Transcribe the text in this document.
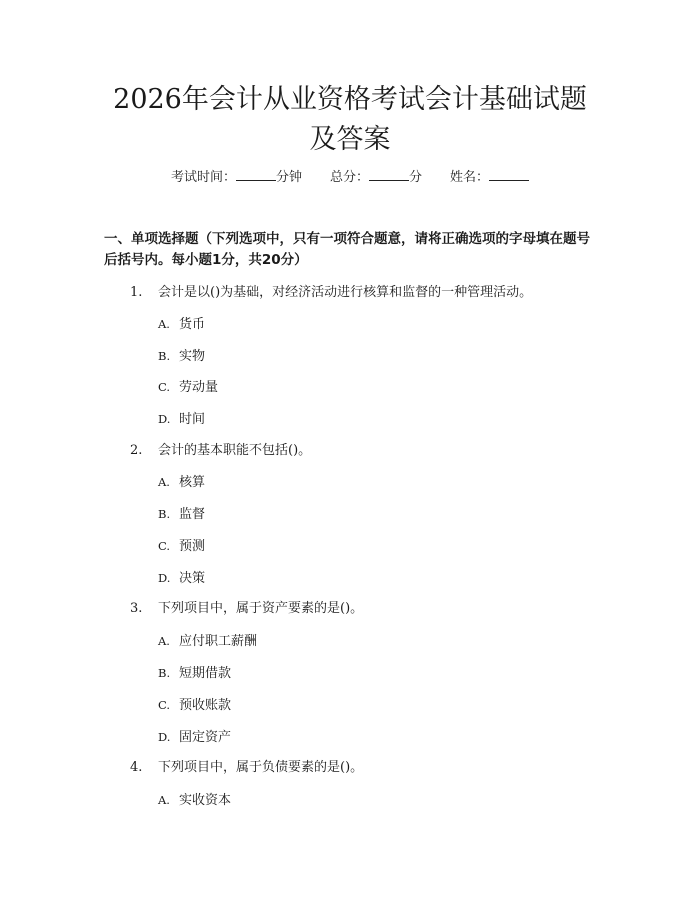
2026年会计从业资格考试会计基础试题及答案
考试时间：	分钟 总分：	分 姓名：

一、单项选择题（下列选项中，只有一项符合题意，请将正确选项的字母填在题号后括号内。每小题1分，共20分）

1. 会计是以()为基础，对经济活动进行核算和监督的一种管理活动。
A. 货币
B. 实物
C. 劳动量
D. 时间
2. 会计的基本职能不包括()。
A. 核算
B. 监督
C. 预测
D. 决策
3. 下列项目中，属于资产要素的是()。
A. 应付职工薪酬
B. 短期借款
C. 预收账款
D. 固定资产
4. 下列项目中，属于负债要素的是()。
A. 实收资本
